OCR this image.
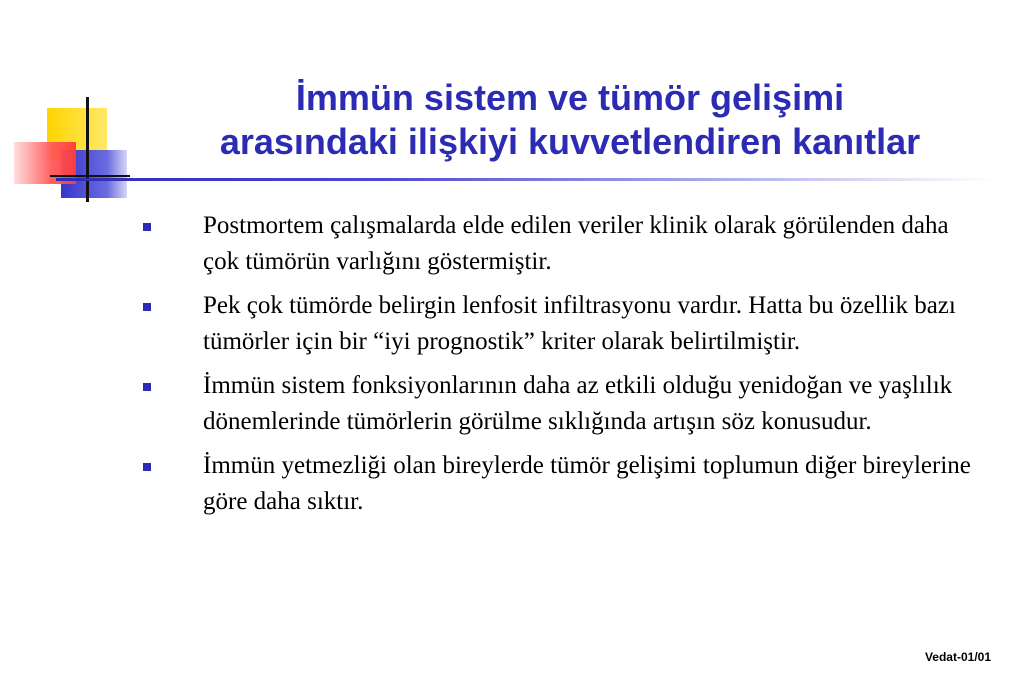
İmmün sistem ve tümör gelişimi
arasındaki ilişkiyi kuvvetlendiren kanıtlar
Postmortem çalışmalarda elde edilen veriler klinik olarak görülenden daha çok tümörün varlığını göstermiştir.
Pek çok tümörde belirgin lenfosit infiltrasyonu vardır. Hatta bu özellik bazı tümörler için bir “iyi prognostik” kriter olarak belirtilmiştir.
İmmün sistem fonksiyonlarının daha az etkili olduğu yenidoğan ve yaşlılık dönemlerinde tümörlerin görülme sıklığında artışın söz konusudur.
İmmün yetmezliği olan bireylerde tümör gelişimi toplumun diğer bireylerine göre daha sıktır.
Vedat-01/01
